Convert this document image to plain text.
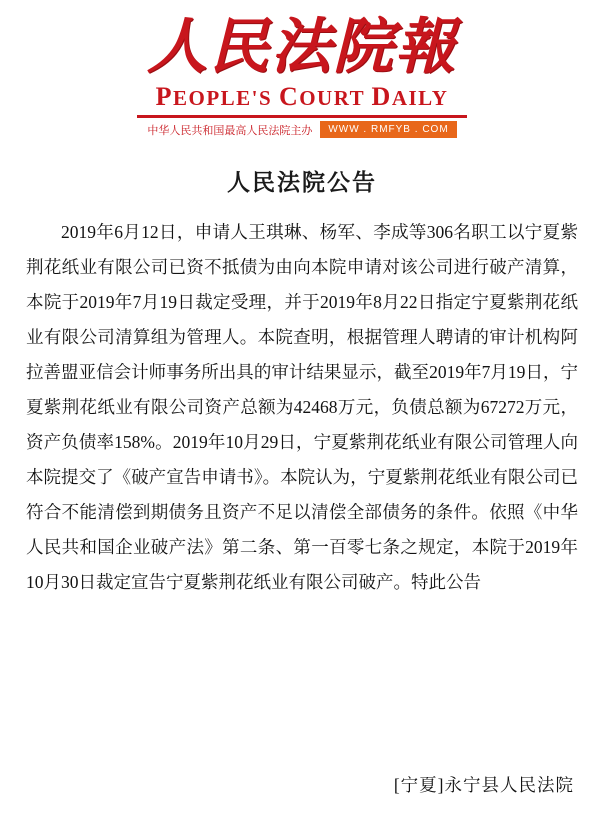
人民法院報
PEOPLE'S COURT DAILY
中华人民共和国最高人民法院主办	WWW . RMFYB . COM
人民法院公告

2019年6月12日，申请人王琪琳、杨军、李成等306名职工以宁夏紫荆花纸业有限公司已资不抵债为由向本院申请对该公司进行破产清算，本院于2019年7月19日裁定受理，并于2019年8月22日指定宁夏紫荆花纸业有限公司清算组为管理人。本院查明，根据管理人聘请的审计机构阿拉善盟亚信会计师事务所出具的审计结果显示，截至2019年7月19日，宁夏紫荆花纸业有限公司资产总额为42468万元，负债总额为67272万元，资产负债率158%。2019年10月29日，宁夏紫荆花纸业有限公司管理人向本院提交了《破产宣告申请书》。本院认为，宁夏紫荆花纸业有限公司已符合不能清偿到期债务且资产不足以清偿全部债务的条件。依照《中华人民共和国企业破产法》第二条、第一百零七条之规定，本院于2019年10月30日裁定宣告宁夏紫荆花纸业有限公司破产。特此公告

[宁夏]永宁县人民法院
